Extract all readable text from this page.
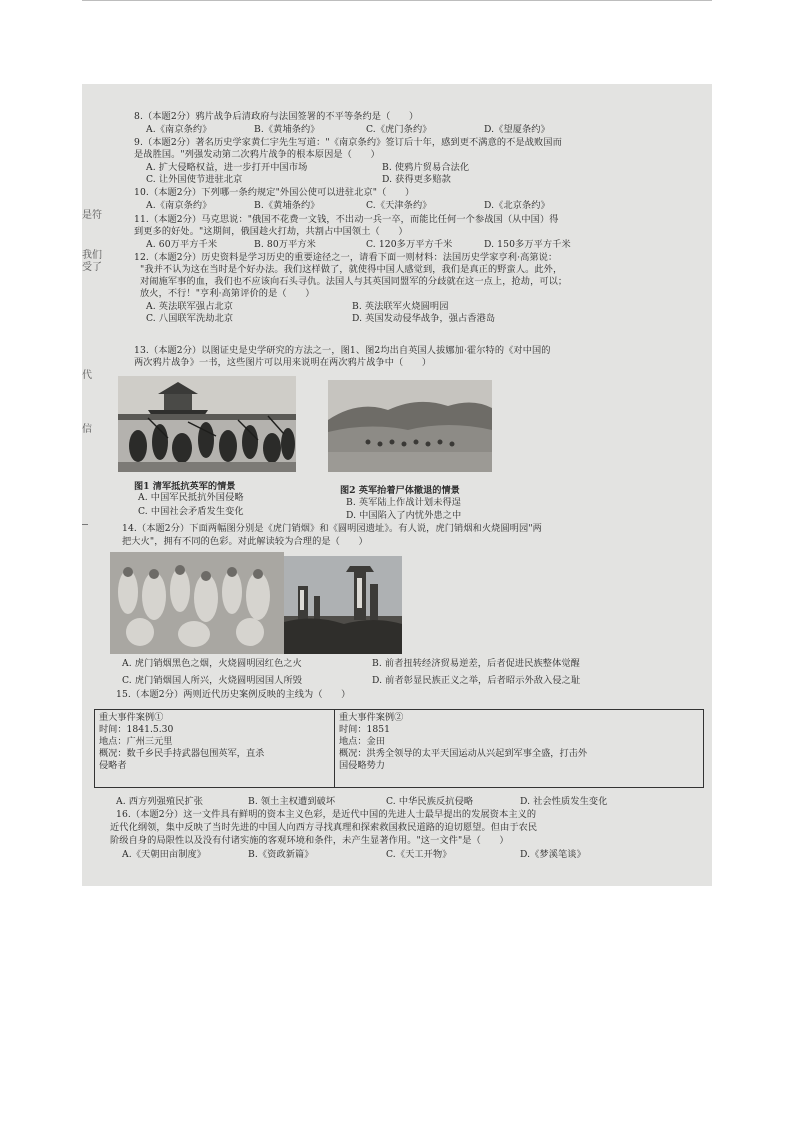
是符
我们
受了
代
信
8.（本题2分）鸦片战争后清政府与法国签署的不平等条约是（　　）
A.《南京条约》	B.《黄埔条约》	C.《虎门条约》	D.《望厦条约》
9.（本题2分）著名历史学家黄仁宇先生写道："《南京条约》签订后十年，感到更不满意的不是战败国而
是战胜国。"列强发动第二次鸦片战争的根本原因是（　　）
A. 扩大侵略权益，进一步打开中国市场	B. 使鸦片贸易合法化
C. 让外国使节进驻北京	D. 获得更多赔款
10.（本题2分）下列哪一条约规定"外国公使可以进驻北京"（　　）
A.《南京条约》	B.《黄埔条约》	C.《天津条约》	D.《北京条约》
11.（本题2分）马克思说："俄国不花费一文钱，不出动一兵一卒，而能比任何一个参战国（从中国）得
到更多的好处。"这期间，俄国趁火打劫，共割占中国领土（　　）
A. 60万平方千米	B. 80万平方米	C. 120多万平方千米	D. 150多万平方千米
12.（本题2分）历史资料是学习历史的重要途径之一，请看下面一则材料：法国历史学家亨利·高第说：
"我并不认为这在当时是个好办法。我们这样做了，就使得中国人感觉到，我们是真正的野蛮人。此外，
对闹施军事的血，我们也不应该向石头寻仇。法国人与其英国同盟军的分歧就在这一点上，抢劫，可以；
放火，不行！"亨利·高第评价的是（　　）
A. 英法联军强占北京	B. 英法联军火烧圆明园
C. 八国联军洗劫北京	D. 英国发动侵华战争，强占香港岛
13.（本题2分）以图证史是史学研究的方法之一，图1、图2均出自英国人拔娜加·霍尔特的《对中国的
两次鸦片战争》一书，这些图片可以用来说明在两次鸦片战争中（　　）
图1 清军抵抗英军的情景	图2 英军抬着尸体撤退的情景
A. 中国军民抵抗外国侵略	B. 英军陆上作战计划未得逞
C. 中国社会矛盾发生变化	D. 中国陷入了内忧外患之中
14.（本题2分）下面两幅图分别是《虎门销烟》和《圆明园遗址》。有人说，虎门销烟和火烧圆明园"两
把大火"，拥有不同的色彩。对此解读较为合理的是（　　）
A. 虎门销烟黑色之烟，火烧圆明园红色之火	B. 前者扭转经济贸易逆差，后者促进民族整体觉醒
C. 虎门销烟国人所兴，火烧圆明园国人所毁	D. 前者彰显民族正义之举，后者昭示外敌入侵之耻
15.（本题2分）两则近代历史案例反映的主线为（　　）
重大事件案例①
时间：1841.5.30
地点：广州三元里
概况：数千乡民手持武器包围英军，直杀
侵略者
重大事件案例②
时间：1851
地点：金田
概况：洪秀全领导的太平天国运动从兴起到军事全盛，打击外
国侵略势力
A. 西方列强殖民扩张	B. 领土主权遭到破坏	C. 中华民族反抗侵略	D. 社会性质发生变化
16.（本题2分）这一文件具有鲜明的资本主义色彩，是近代中国的先进人士最早提出的发展资本主义的
近代化纲领，集中反映了当时先进的中国人向西方寻找真理和探索救国救民道路的迫切愿望。但由于农民
阶级自身的局限性以及没有付诸实施的客观环境和条件，未产生显著作用。"这一文件"是（　　）
A.《天朝田亩制度》	B.《资政新篇》	C.《天工开物》	D.《梦溪笔谈》
